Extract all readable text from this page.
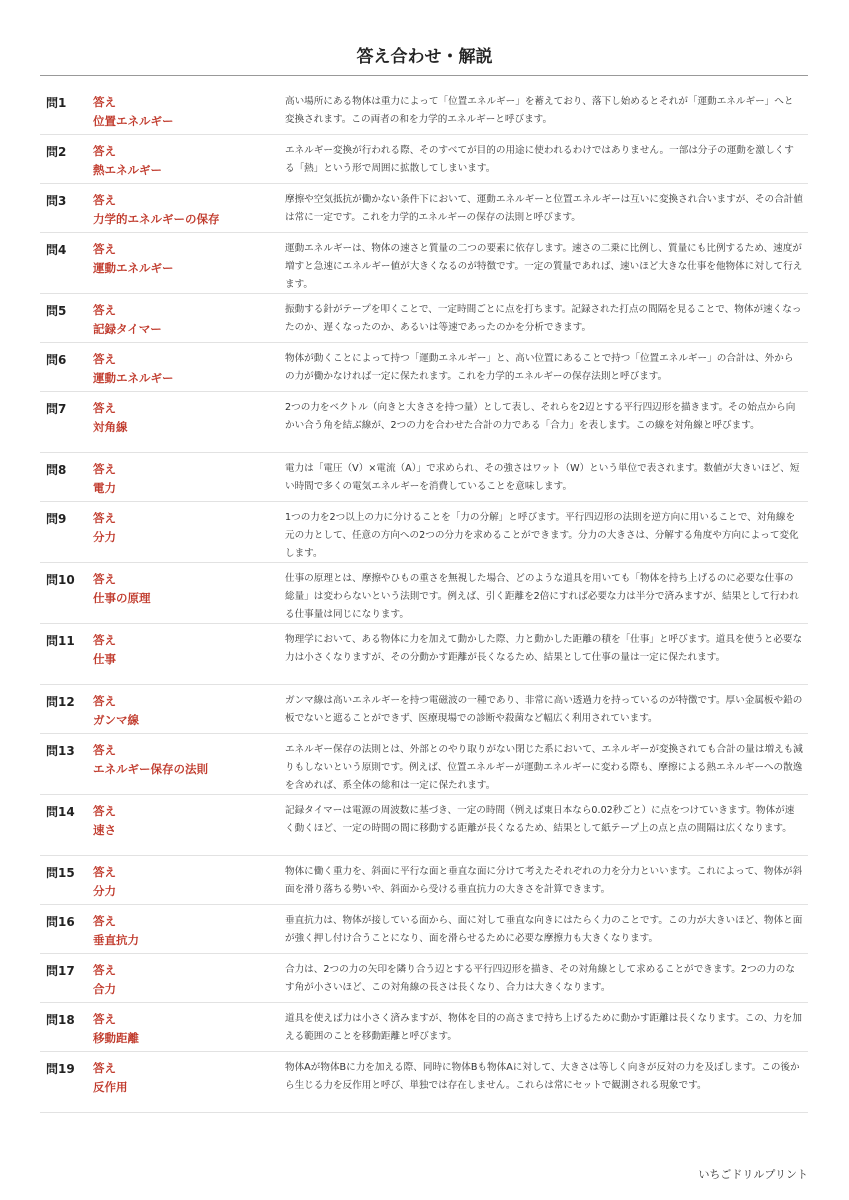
答え合わせ・解説
問1 答え
位置エネルギー

高い場所にある物体は重力によって「位置エネルギー」を蓄えており、落下し始めるとそれが「運動エネルギー」へと変換されます。この両者の和を力学的エネルギーと呼びます。

問2 答え
熱エネルギー

エネルギー変換が行われる際、そのすべてが目的の用途に使われるわけではありません。一部は分子の運動を激しくする「熱」という形で周囲に拡散してしまいます。

問3 答え
力学的エネルギーの保存

摩擦や空気抵抗が働かない条件下において、運動エネルギーと位置エネルギーは互いに変換され合いますが、その合計値は常に一定です。これを力学的エネルギーの保存の法則と呼びます。

問4 答え
運動エネルギー

運動エネルギーは、物体の速さと質量の二つの要素に依存します。速さの二乗に比例し、質量にも比例するため、速度が増すと急速にエネルギー値が大きくなるのが特徴です。一定の質量であれば、速いほど大きな仕事を他物体に対して行えます。

問5 答え
記録タイマー

振動する針がテープを叩くことで、一定時間ごとに点を打ちます。記録された打点の間隔を見ることで、物体が速くなったのか、遅くなったのか、あるいは等速であったのかを分析できます。

問6 答え
運動エネルギー

物体が動くことによって持つ「運動エネルギー」と、高い位置にあることで持つ「位置エネルギー」の合計は、外からの力が働かなければ一定に保たれます。これを力学的エネルギーの保存法則と呼びます。

問7 答え
対角線

2つの力をベクトル（向きと大きさを持つ量）として表し、それらを2辺とする平行四辺形を描きます。その始点から向かい合う角を結ぶ線が、2つの力を合わせた合計の力である「合力」を表します。この線を対角線と呼びます。

問8 答え
電力

電力は「電圧（V）×電流（A）」で求められ、その強さはワット（W）という単位で表されます。数値が大きいほど、短い時間で多くの電気エネルギーを消費していることを意味します。

問9 答え
分力

1つの力を2つ以上の力に分けることを「力の分解」と呼びます。平行四辺形の法則を逆方向に用いることで、対角線を元の力として、任意の方向への2つの分力を求めることができます。分力の大きさは、分解する角度や方向によって変化します。

問10 答え
仕事の原理

仕事の原理とは、摩擦やひもの重さを無視した場合、どのような道具を用いても「物体を持ち上げるのに必要な仕事の総量」は変わらないという法則です。例えば、引く距離を2倍にすれば必要な力は半分で済みますが、結果として行われる仕事量は同じになります。

問11 答え
仕事

物理学において、ある物体に力を加えて動かした際、力と動かした距離の積を「仕事」と呼びます。道具を使うと必要な力は小さくなりますが、その分動かす距離が長くなるため、結果として仕事の量は一定に保たれます。

問12 答え
ガンマ線

ガンマ線は高いエネルギーを持つ電磁波の一種であり、非常に高い透過力を持っているのが特徴です。厚い金属板や鉛の板でないと遮ることができず、医療現場での診断や殺菌など幅広く利用されています。

問13 答え
エネルギー保存の法則

エネルギー保存の法則とは、外部とのやり取りがない閉じた系において、エネルギーが変換されても合計の量は増えも減りもしないという原則です。例えば、位置エネルギーが運動エネルギーに変わる際も、摩擦による熱エネルギーへの散逸を含めれば、系全体の総和は一定に保たれます。

問14 答え
速さ

記録タイマーは電源の周波数に基づき、一定の時間（例えば東日本なら0.02秒ごと）に点をつけていきます。物体が速く動くほど、一定の時間の間に移動する距離が長くなるため、結果として紙テープ上の点と点の間隔は広くなります。

問15 答え
分力

物体に働く重力を、斜面に平行な面と垂直な面に分けて考えたそれぞれの力を分力といいます。これによって、物体が斜面を滑り落ちる勢いや、斜面から受ける垂直抗力の大きさを計算できます。

問16 答え
垂直抗力

垂直抗力は、物体が接している面から、面に対して垂直な向きにはたらく力のことです。この力が大きいほど、物体と面が強く押し付け合うことになり、面を滑らせるために必要な摩擦力も大きくなります。

問17 答え
合力

合力は、2つの力の矢印を隣り合う辺とする平行四辺形を描き、その対角線として求めることができます。2つの力のなす角が小さいほど、この対角線の長さは長くなり、合力は大きくなります。

問18 答え
移動距離

道具を使えば力は小さく済みますが、物体を目的の高さまで持ち上げるために動かす距離は長くなります。この、力を加える範囲のことを移動距離と呼びます。

問19 答え
反作用

物体Aが物体Bに力を加える際、同時に物体Bも物体Aに対して、大きさは等しく向きが反対の力を及ぼします。この後から生じる力を反作用と呼び、単独では存在しません。これらは常にセットで観測される現象です。

いちごドリルプリント
